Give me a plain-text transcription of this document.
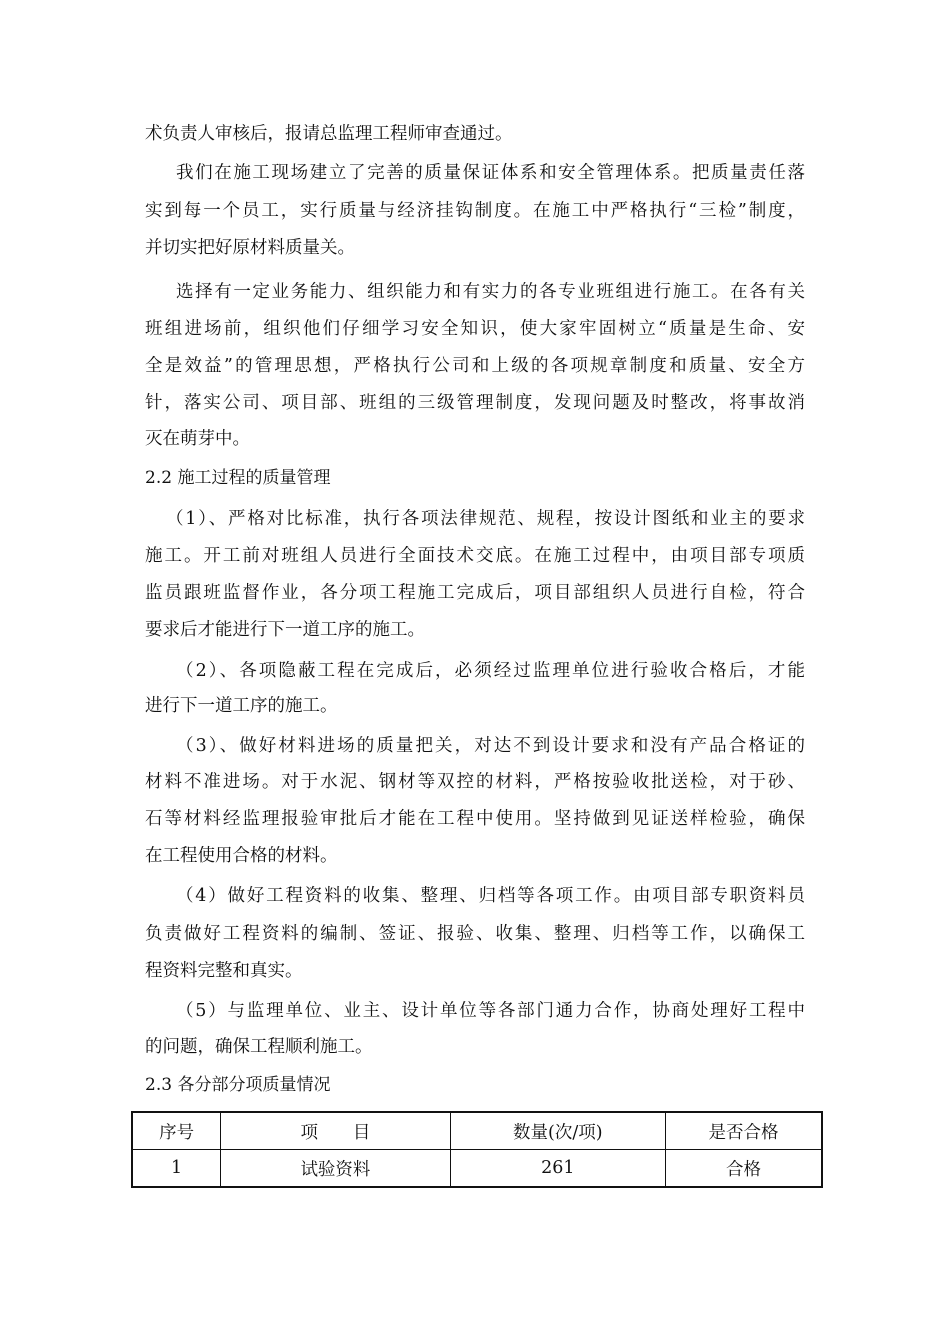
术负责人审核后，报请总监理工程师审查通过。
我们在施工现场建立了完善的质量保证体系和安全管理体系。把质量责任落
实到每一个员工，实行质量与经济挂钩制度。在施工中严格执行“三检”制度，
并切实把好原材料质量关。
选择有一定业务能力、组织能力和有实力的各专业班组进行施工。在各有关
班组进场前，组织他们仔细学习安全知识，使大家牢固树立“质量是生命、安
全是效益”的管理思想，严格执行公司和上级的各项规章制度和质量、安全方
针，落实公司、项目部、班组的三级管理制度，发现问题及时整改，将事故消
灭在萌芽中。
2.2 施工过程的质量管理
（1）、严格对比标准，执行各项法律规范、规程，按设计图纸和业主的要求
施工。开工前对班组人员进行全面技术交底。在施工过程中，由项目部专项质
监员跟班监督作业，各分项工程施工完成后，项目部组织人员进行自检，符合
要求后才能进行下一道工序的施工。
（2）、各项隐蔽工程在完成后，必须经过监理单位进行验收合格后，才能
进行下一道工序的施工。
（3）、做好材料进场的质量把关，对达不到设计要求和没有产品合格证的
材料不准进场。对于水泥、钢材等双控的材料，严格按验收批送检，对于砂、
石等材料经监理报验审批后才能在工程中使用。坚持做到见证送样检验，确保
在工程使用合格的材料。
（4）做好工程资料的收集、整理、归档等各项工作。由项目部专职资料员
负责做好工程资料的编制、签证、报验、收集、整理、归档等工作，以确保工
程资料完整和真实。
（5）与监理单位、业主、设计单位等各部门通力合作，协商处理好工程中
的问题，确保工程顺利施工。
2.3 各分部分项质量情况
序号	项　　目	数量(次/项)	是否合格
1	试验资料	261	合格
